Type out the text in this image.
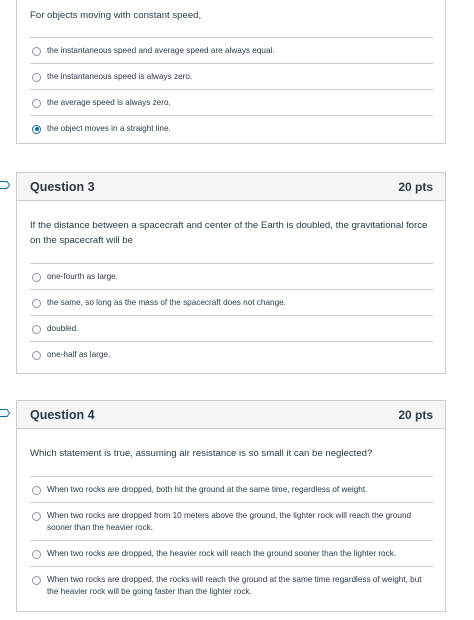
For objects moving with constant speed,
the instantaneous speed and average speed are always equal.
the instantaneous speed is always zero.
the average speed is always zero.
the object moves in a straight line.
Question 3	20 pts
If the distance between a spacecraft and center of the Earth is doubled, the gravitational force on the spacecraft will be
one-fourth as large.
the same, so long as the mass of the spacecraft does not change.
doubled.
one-half as large.
Question 4	20 pts
Which statement is true, assuming air resistance is so small it can be neglected?
When two rocks are dropped, both hit the ground at the same time, regardless of weight.
When two rocks are dropped from 10 meters above the ground, the lighter rock will reach the ground sooner than the heavier rock.
When two rocks are dropped, the heavier rock will reach the ground sooner than the lighter rock.
When two rocks are dropped, the rocks will reach the ground at the same time regardless of weight, but the heavier rock will be going faster than the lighter rock.
